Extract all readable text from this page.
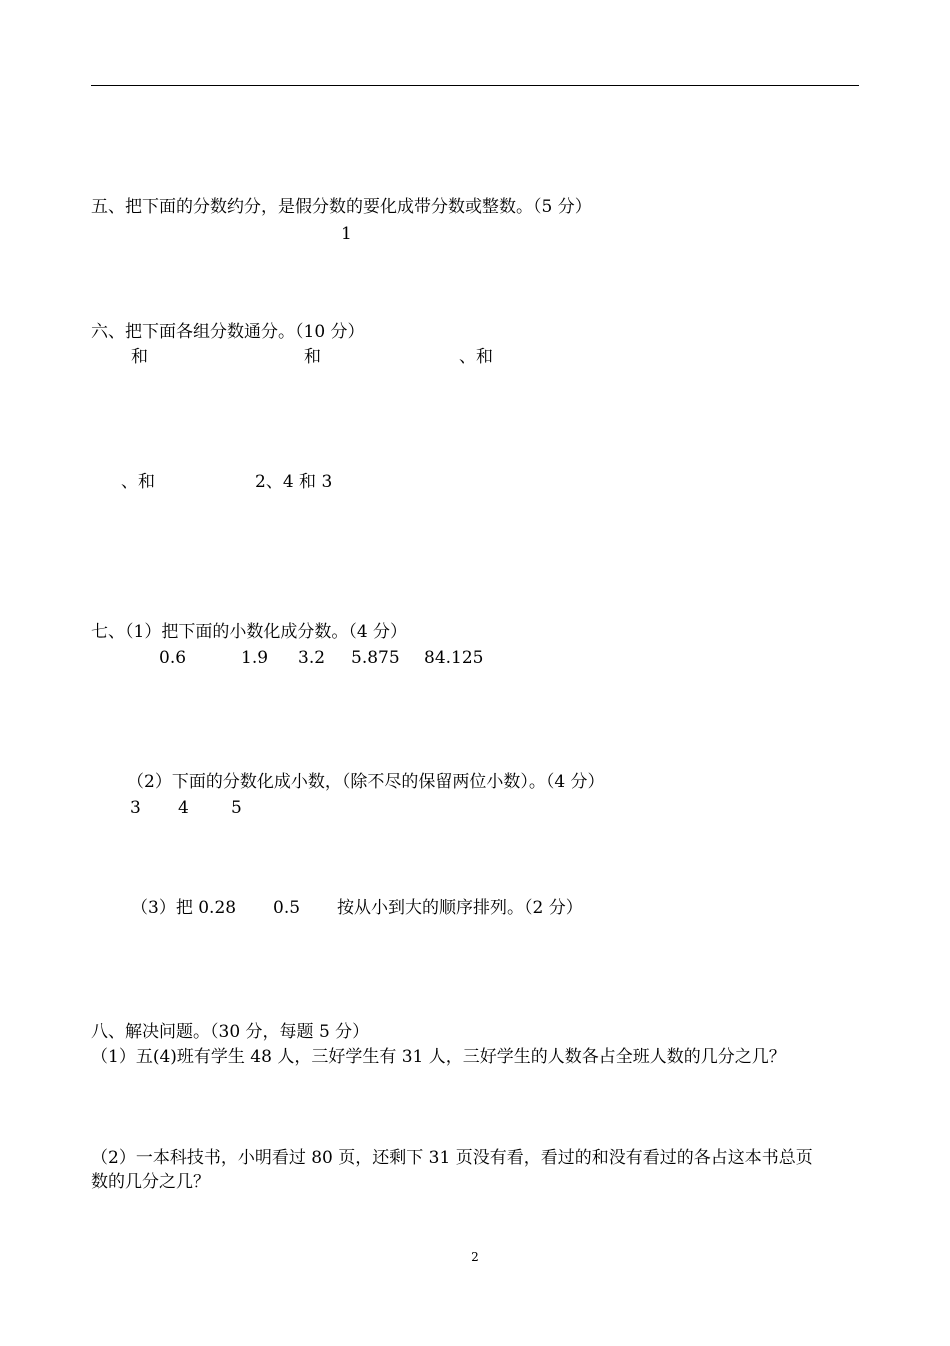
五、把下面的分数约分，是假分数的要化成带分数或整数。（5 分）
1
六、把下面各组分数通分。（10 分）
和	和	、和
、和	2、4 和 3
七、（1）把下面的小数化成分数。（4 分）
0.6	1.9 3.2 5.875 84.125
（2）下面的分数化成小数，（除不尽的保留两位小数）。（4 分）
3 4 5
（3）把 0.28 0.5 按从小到大的顺序排列。（2 分）
八、解决问题。（30 分，每题 5 分）
（1）五(4)班有学生 48 人，三好学生有 31 人，三好学生的人数各占全班人数的几分之几？
（2）一本科技书，小明看过 80 页，还剩下 31 页没有看，看过的和没有看过的各占这本书总页
数的几分之几？
2
